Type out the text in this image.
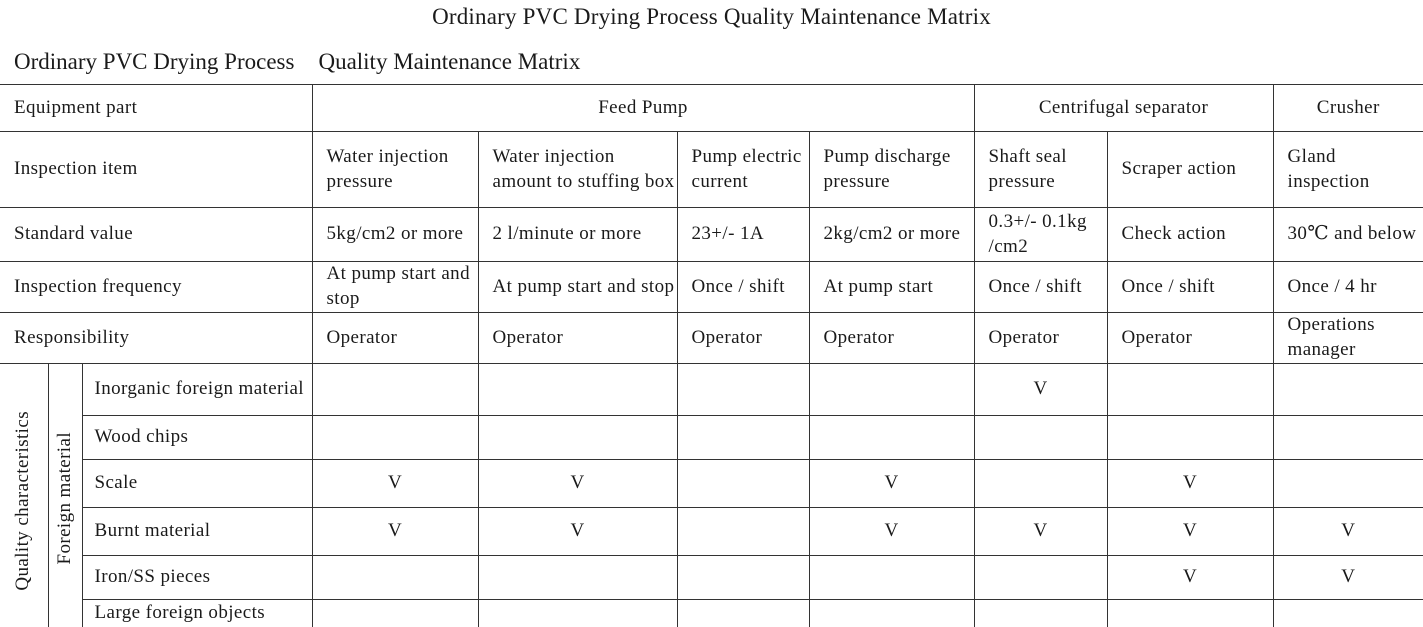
Ordinary PVC Drying Process Quality Maintenance Matrix
Ordinary PVC Drying Process Quality Maintenance Matrix
Equipment part			Feed Pump				Centrifugal separator		Crusher
Inspection item			Water injection pressure	Water injection amount to stuffing box	Pump electric current	Pump discharge pressure	Shaft seal pressure	Scraper action	Gland inspection
Standard value			5kg/cm2 or more	2 l/minute or more	23+/- 1A	2kg/cm2 or more	0.3+/- 0.1kg /cm2	Check action	30℃ and below
Inspection frequency			At pump start and stop	At pump start and stop	Once / shift	At pump start	Once / shift	Once / shift	Once / 4 hr
Responsibility			Operator	Operator	Operator	Operator	Operator	Operator	Operations manager
Quality characteristics	Foreign material	Inorganic foreign material					V		
		Wood chips							
		Scale	V	V		V		V	
		Burnt material	V	V		V	V	V	V
		Iron/SS pieces						V	V
		Large foreign objects							
